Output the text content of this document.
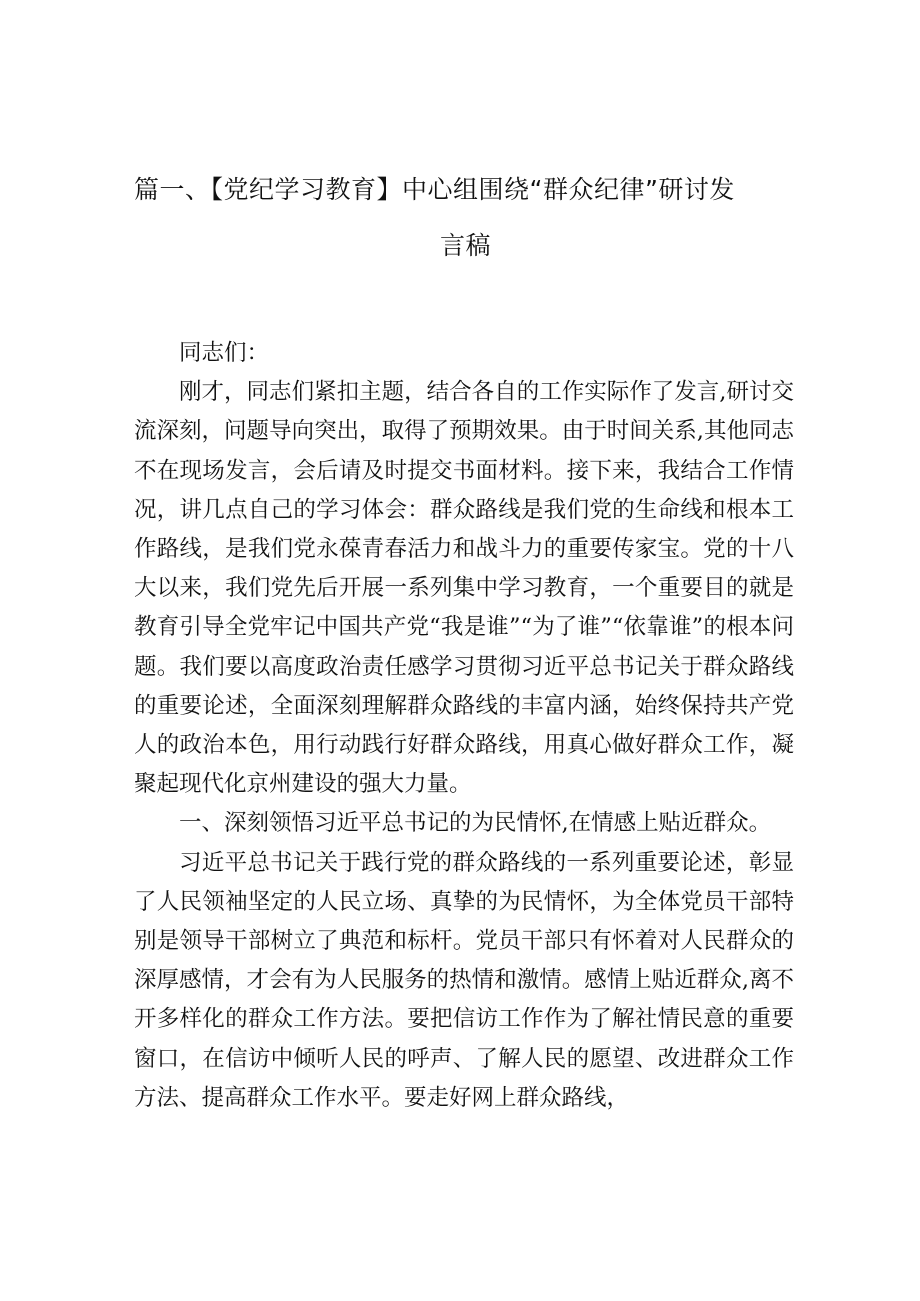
篇一、【党纪学习教育】中心组围绕“群众纪律”研讨发
言稿

同志们：

刚才，同志们紧扣主题，结合各自的工作实际作了发言,研讨交流深刻，问题导向突出，取得了预期效果。由于时间关系,其他同志不在现场发言，会后请及时提交书面材料。接下来，我结合工作情况，讲几点自己的学习体会：群众路线是我们党的生命线和根本工作路线，是我们党永葆青春活力和战斗力的重要传家宝。党的十八大以来，我们党先后开展一系列集中学习教育，一个重要目的就是教育引导全党牢记中国共产党“我是谁”“为了谁”“依靠谁”的根本问题。我们要以高度政治责任感学习贯彻习近平总书记关于群众路线的重要论述，全面深刻理解群众路线的丰富内涵，始终保持共产党人的政治本色，用行动践行好群众路线，用真心做好群众工作，凝聚起现代化京州建设的强大力量。

一、深刻领悟习近平总书记的为民情怀,在情感上贴近群众。

习近平总书记关于践行党的群众路线的一系列重要论述，彰显了人民领袖坚定的人民立场、真挚的为民情怀，为全体党员干部特别是领导干部树立了典范和标杆。党员干部只有怀着对人民群众的深厚感情，才会有为人民服务的热情和激情。感情上贴近群众,离不开多样化的群众工作方法。要把信访工作作为了解社情民意的重要窗口，在信访中倾听人民的呼声、了解人民的愿望、改进群众工作方法、提高群众工作水平。要走好网上群众路线，
